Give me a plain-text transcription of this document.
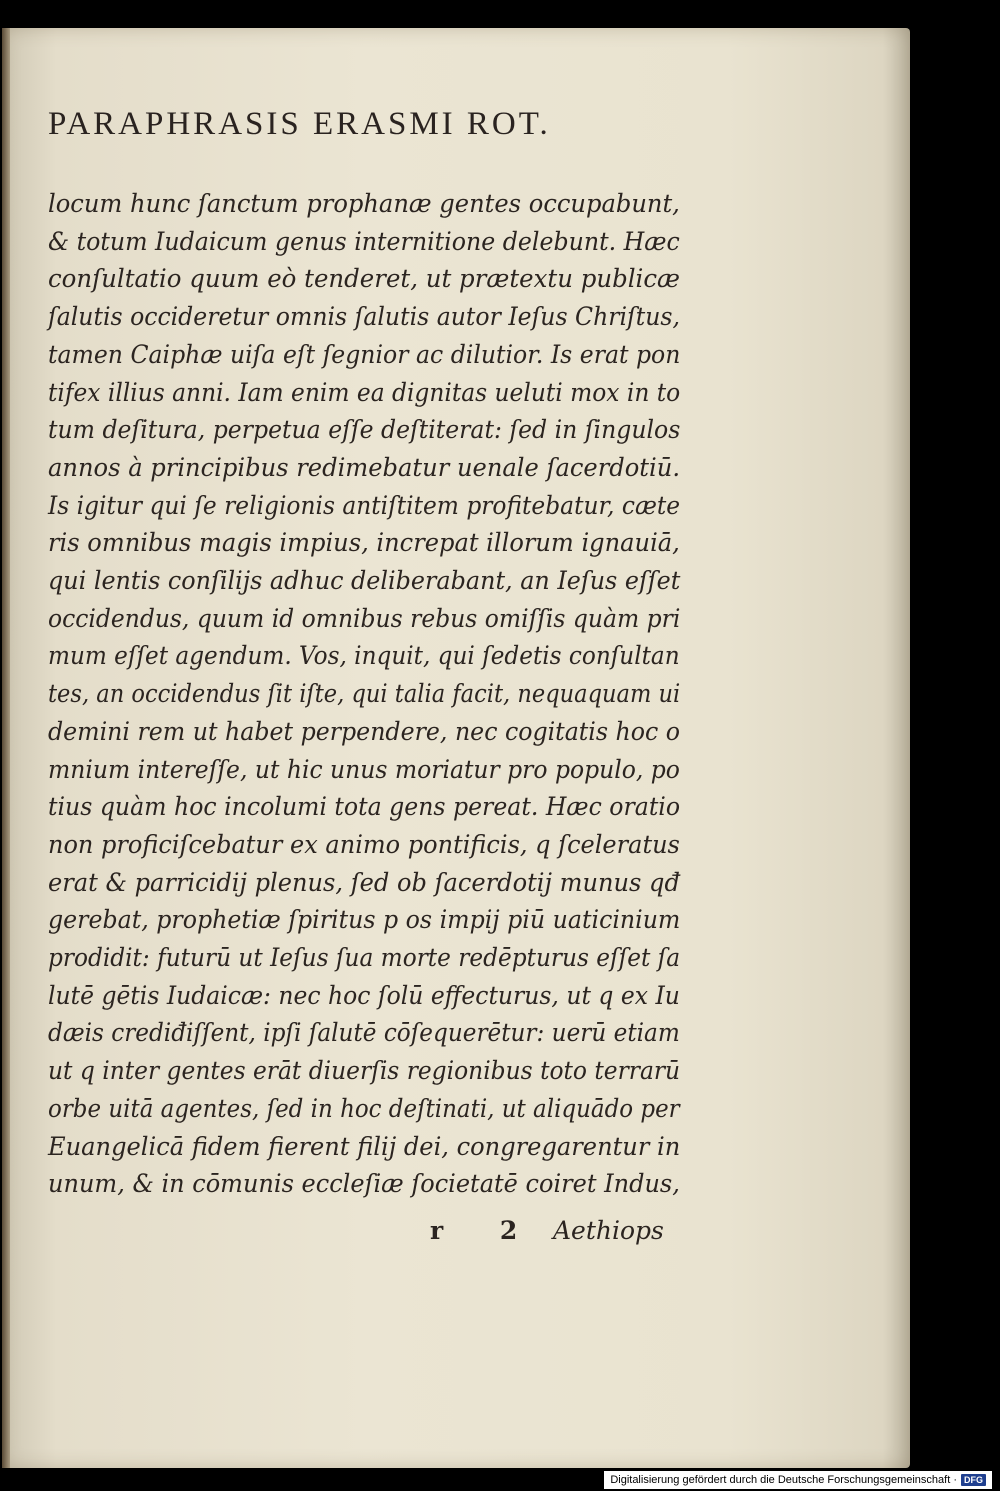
PARAPHRASIS ERASMI ROT.
locum hunc ſanctum prophanæ gentes occupabunt,
& totum Iudaicum genus internitione delebunt. Hæc
conſultatio quum eò tenderet, ut prætextu publicæ
ſalutis occideretur omnis ſalutis autor Ieſus Chriſtus,
tamen Caiphæ uiſa eſt ſegnior ac dilutior. Is erat pon
tifex illius anni. Iam enim ea dignitas ueluti mox in to
tum deſitura, perpetua eſſe deſtiterat: ſed in ſingulos
annos à principibus redimebatur uenale ſacerdotiū.
Is igitur qui ſe religionis antiſtitem profitebatur, cæte
ris omnibus magis impius, increpat illorum ignauiā,
qui lentis conſilijs adhuc deliberabant, an Ieſus eſſet
occidendus, quum id omnibus rebus omiſſis quàm pri
mum eſſet agendum. Vos, inquit, qui ſedetis conſultan
tes, an occidendus ſit iſte, qui talia facit, nequaquam ui
demini rem ut habet perpendere, nec cogitatis hoc o
mnium intereſſe, ut hic unus moriatur pro populo, po
tius quàm hoc incolumi tota gens pereat. Hæc oratio
non proficiſcebatur ex animo pontificis, q ſceleratus
erat & parricidij plenus, ſed ob ſacerdotij munus qđ
gerebat, prophetiæ ſpiritus p os impij piū uaticinium
prodidit: futurū ut Ieſus ſua morte redēpturus eſſet ſa
lutē gētis Iudaicæ: nec hoc ſolū effecturus, ut q ex Iu
dæis crediđiſſent, ipſi ſalutē cōſequerētur: uerū etiam
ut q inter gentes erāt diuerſis regionibus toto terrarū
orbe uitā agentes, ſed in hoc deſtinati, ut aliquādo per
Euangelicā fidem fierent filij dei, congregarentur in
unum, & in cōmunis eccleſiæ ſocietatē coiret Indus,
r 2 Aethiops
Digitalisierung gefördert durch die Deutsche Forschungsgemeinschaft · DFG
